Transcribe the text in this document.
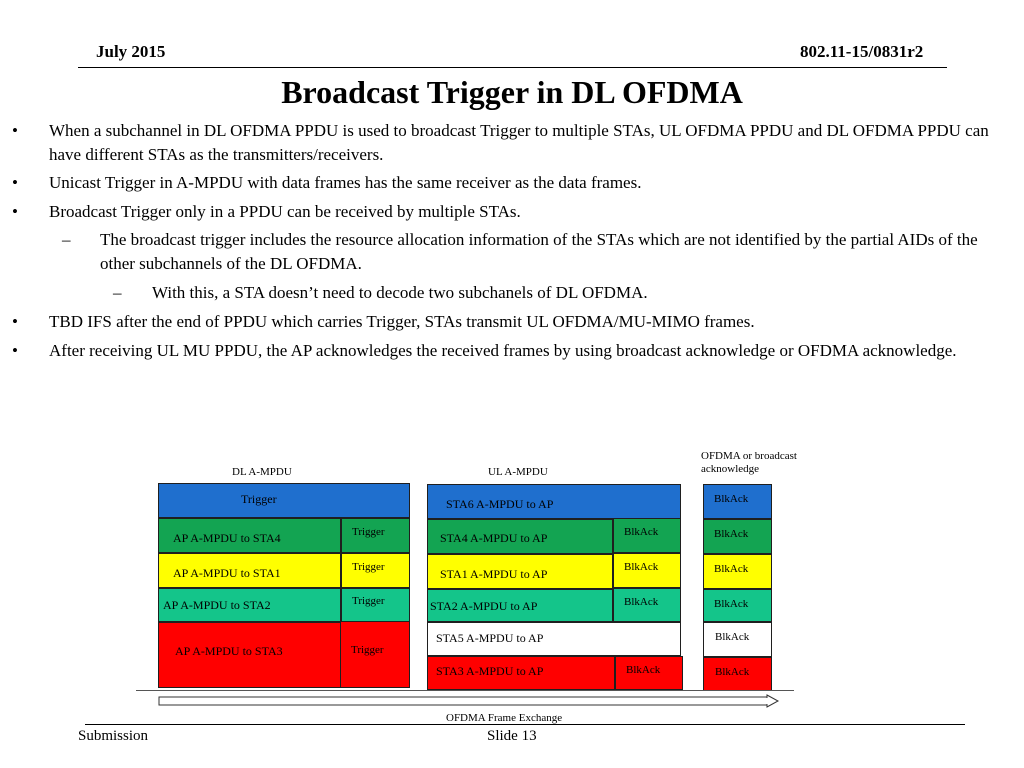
July 2015	802.11-15/0831r2
Broadcast Trigger in DL OFDMA
• When a subchannel in DL OFDMA PPDU is used to broadcast Trigger to multiple STAs, UL OFDMA PPDU and DL OFDMA PPDU can have different STAs as the transmitters/receivers.
• Unicast Trigger in A-MPDU with data frames has the same receiver as the data frames.
• Broadcast Trigger only in a PPDU can be received by multiple STAs.
– The broadcast trigger includes the resource allocation information of the STAs which are not identified by the partial AIDs of the other subchannels of the DL OFDMA.
– With this, a STA doesn’t need to decode two subchanels of DL OFDMA.
• TBD IFS after the end of PPDU which carries Trigger, STAs transmit UL OFDMA/MU-MIMO frames.
• After receiving UL MU PPDU, the AP acknowledges the received frames by using broadcast acknowledge or OFDMA acknowledge.
DL A-MPDU	UL A-MPDU
OFDMA or broadcast acknowledge
Trigger
AP A-MPDU to STA4	Trigger
AP A-MPDU to STA1	Trigger
AP A-MPDU to STA2	Trigger
AP A-MPDU to STA3	Trigger
STA6 A-MPDU to AP
STA4 A-MPDU to AP	BlkAck
STA1 A-MPDU to AP	BlkAck
STA2 A-MPDU to AP	BlkAck
STA5 A-MPDU to AP
STA3 A-MPDU to AP	BlkAck
BlkAck
BlkAck
BlkAck
BlkAck
BlkAck
BlkAck
OFDMA Frame Exchange
Submission	Slide 13
